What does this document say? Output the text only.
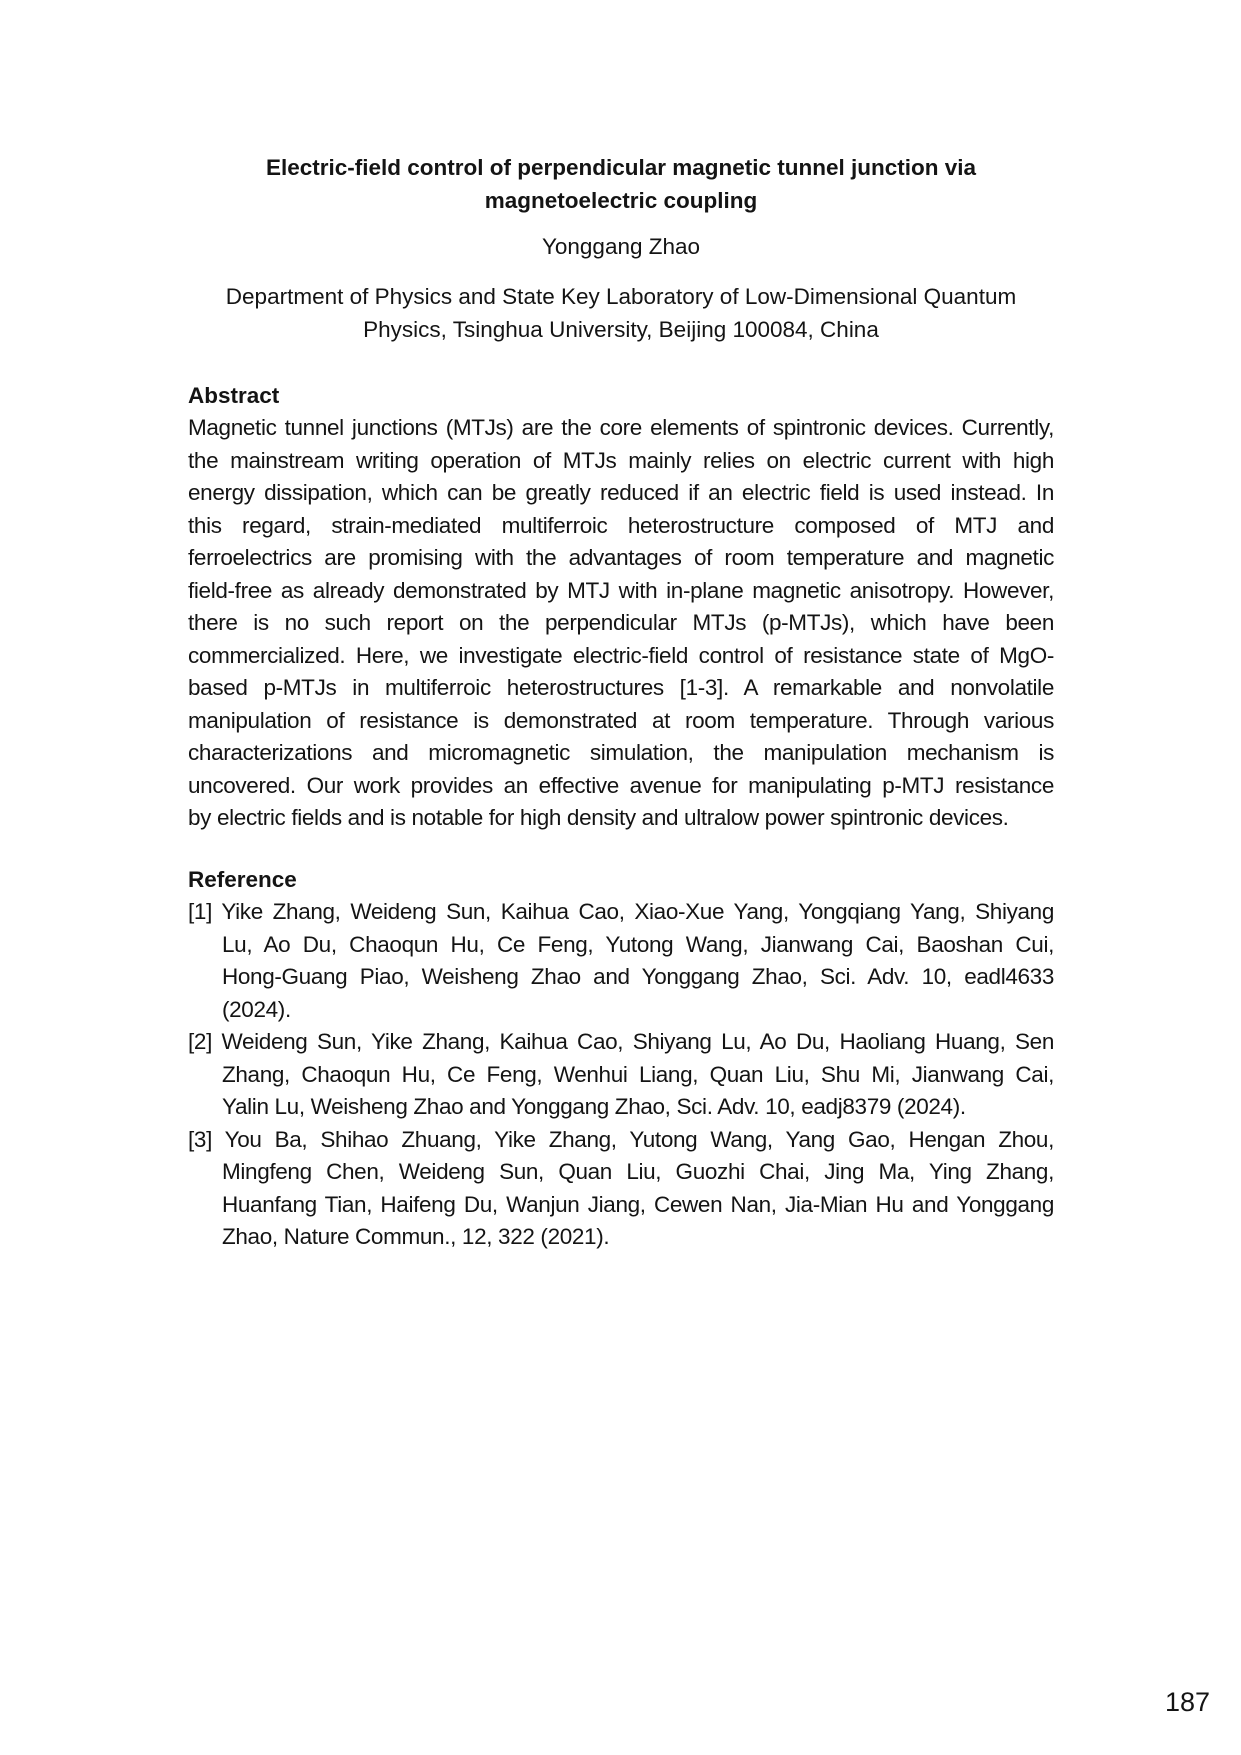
Electric-field control of perpendicular magnetic tunnel junction via
magnetoelectric coupling
Yonggang Zhao
Department of Physics and State Key Laboratory of Low-Dimensional Quantum
Physics, Tsinghua University, Beijing 100084, China
Abstract
Magnetic tunnel junctions (MTJs) are the core elements of spintronic devices. Currently,
the mainstream writing operation of MTJs mainly relies on electric current with high
energy dissipation, which can be greatly reduced if an electric field is used instead. In
this regard, strain-mediated multiferroic heterostructure composed of MTJ and
ferroelectrics are promising with the advantages of room temperature and magnetic
field-free as already demonstrated by MTJ with in-plane magnetic anisotropy. However,
there is no such report on the perpendicular MTJs (p-MTJs), which have been
commercialized. Here, we investigate electric-field control of resistance state of MgO-
based p-MTJs in multiferroic heterostructures [1-3]. A remarkable and nonvolatile
manipulation of resistance is demonstrated at room temperature. Through various
characterizations and micromagnetic simulation, the manipulation mechanism is
uncovered. Our work provides an effective avenue for manipulating p-MTJ resistance
by electric fields and is notable for high density and ultralow power spintronic devices.
Reference
[1] Yike Zhang, Weideng Sun, Kaihua Cao, Xiao-Xue Yang, Yongqiang Yang, Shiyang
Lu, Ao Du, Chaoqun Hu, Ce Feng, Yutong Wang, Jianwang Cai, Baoshan Cui,
Hong-Guang Piao, Weisheng Zhao and Yonggang Zhao, Sci. Adv. 10, eadl4633
(2024).
[2] Weideng Sun, Yike Zhang, Kaihua Cao, Shiyang Lu, Ao Du, Haoliang Huang, Sen
Zhang, Chaoqun Hu, Ce Feng, Wenhui Liang, Quan Liu, Shu Mi, Jianwang Cai,
Yalin Lu, Weisheng Zhao and Yonggang Zhao, Sci. Adv. 10, eadj8379 (2024).
[3] You Ba, Shihao Zhuang, Yike Zhang, Yutong Wang, Yang Gao, Hengan Zhou,
Mingfeng Chen, Weideng Sun, Quan Liu, Guozhi Chai, Jing Ma, Ying Zhang,
Huanfang Tian, Haifeng Du, Wanjun Jiang, Cewen Nan, Jia-Mian Hu and Yonggang
Zhao, Nature Commun., 12, 322 (2021).
187
